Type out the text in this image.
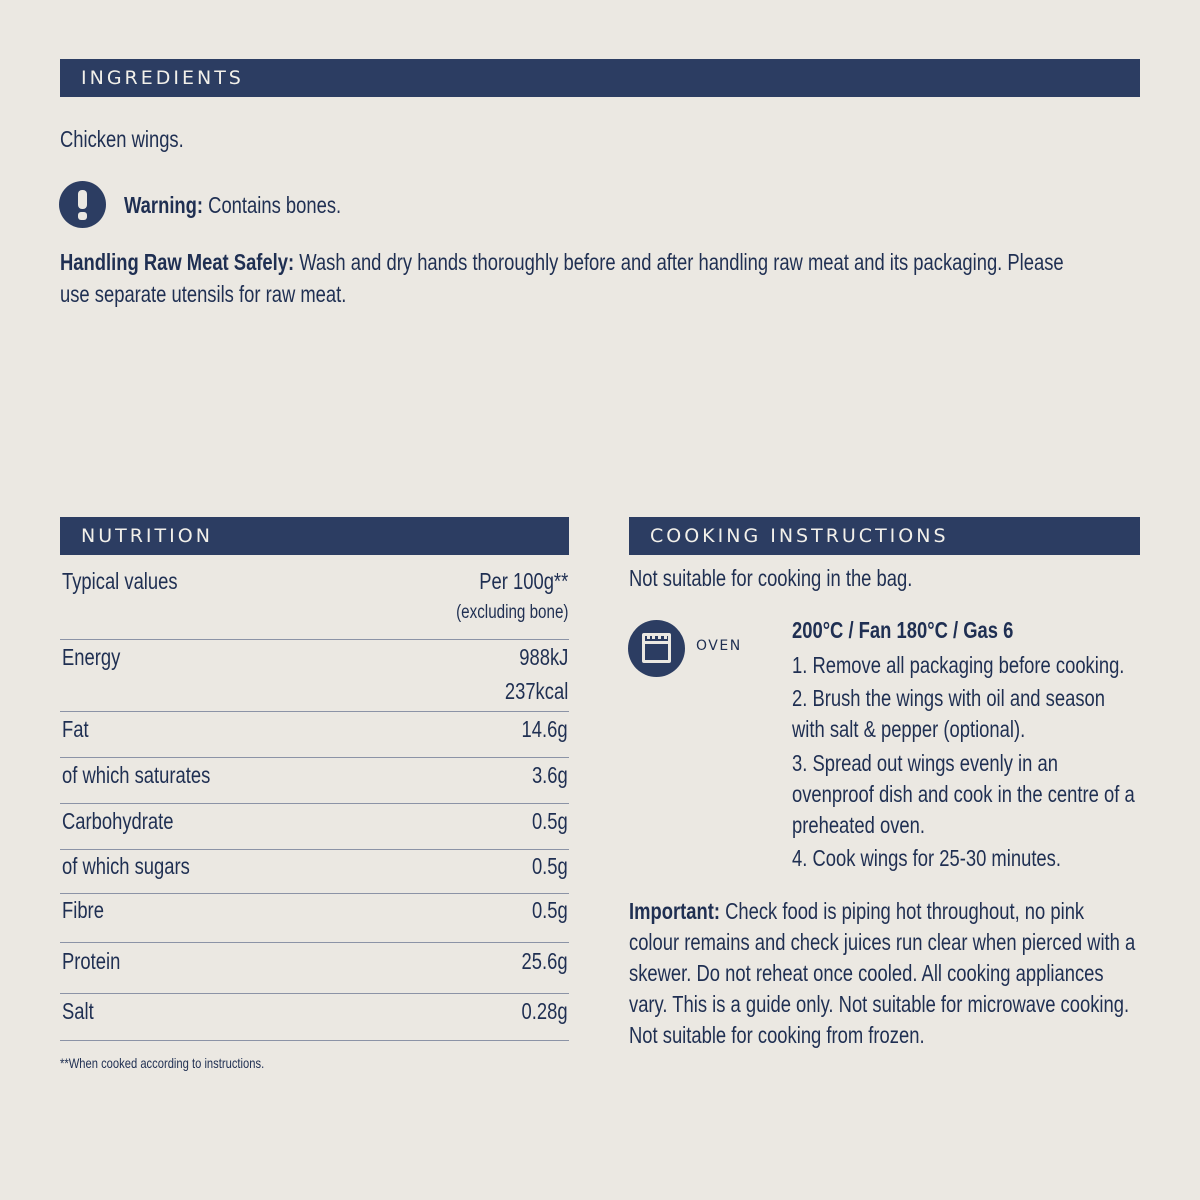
INGREDIENTS
Chicken wings.
Warning: Contains bones.
Handling Raw Meat Safely: Wash and dry hands thoroughly before and after handling raw meat and its packaging. Please
use separate utensils for raw meat.
NUTRITION
Typical values	Per 100g**
(excluding bone)
Energy	988kJ
237kcal
Fat	14.6g
of which saturates	3.6g
Carbohydrate	0.5g
of which sugars	0.5g
Fibre	0.5g
Protein	25.6g
Salt	0.28g
**When cooked according to instructions.
COOKING INSTRUCTIONS
Not suitable for cooking in the bag.
OVEN
200°C / Fan 180°C / Gas 6
1. Remove all packaging before cooking.
2. Brush the wings with oil and season
with salt & pepper (optional).
3. Spread out wings evenly in an
ovenproof dish and cook in the centre of a
preheated oven.
4. Cook wings for 25-30 minutes.
Important: Check food is piping hot throughout, no pink
colour remains and check juices run clear when pierced with a
skewer. Do not reheat once cooled. All cooking appliances
vary. This is a guide only. Not suitable for microwave cooking.
Not suitable for cooking from frozen.
